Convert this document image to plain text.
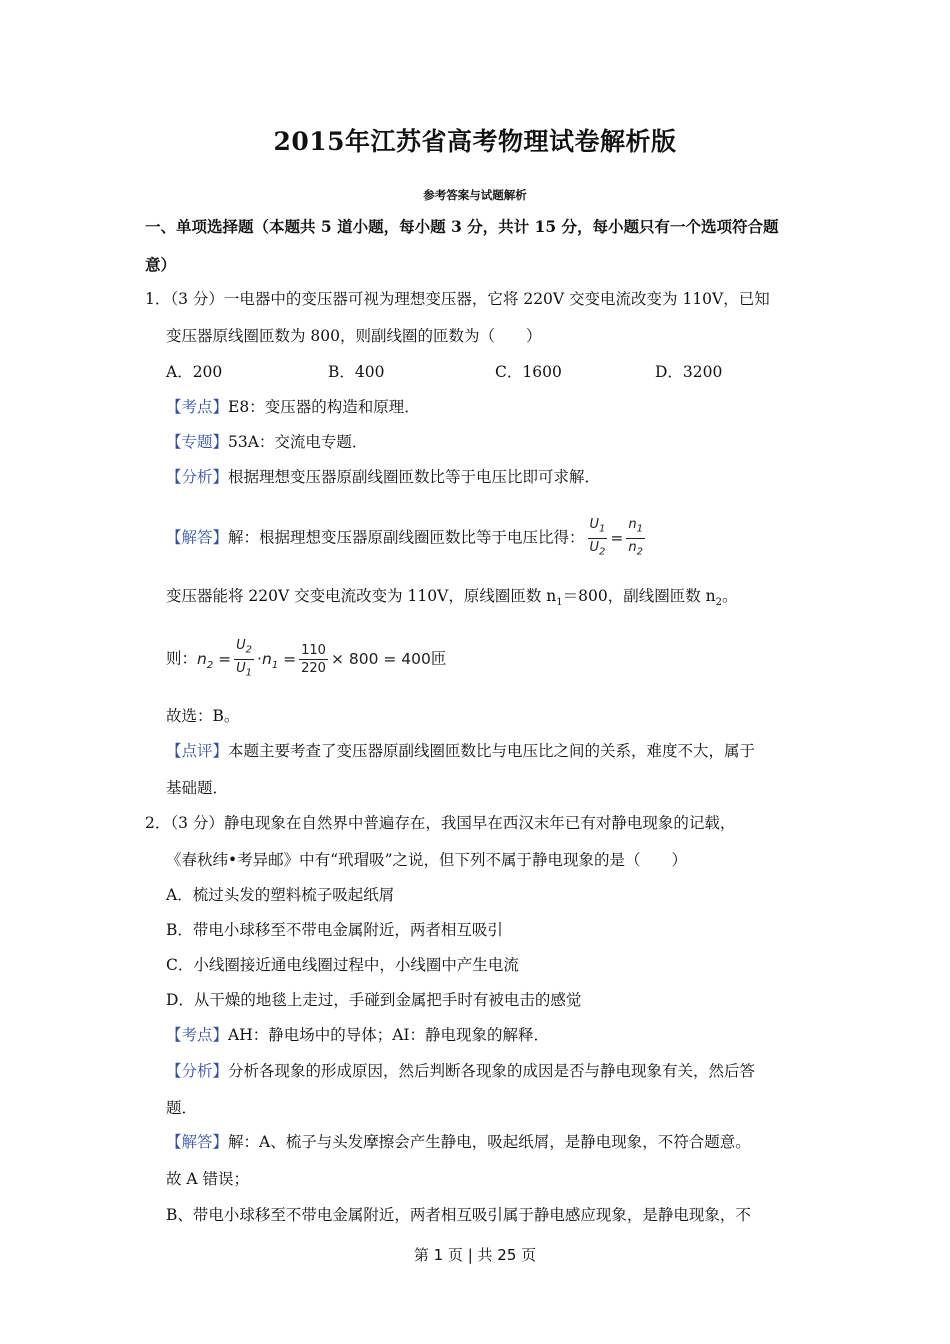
2015年江苏省高考物理试卷解析版
参考答案与试题解析
一、单项选择题（本题共 5 道小题，每小题 3 分，共计 15 分，每小题只有一个选项符合题
意）
1．（3 分）一电器中的变压器可视为理想变压器，它将 220V 交变电流改变为 110V，已知
变压器原线圈匝数为 800，则副线圈的匝数为（　　）
A．200	B．400	C．1600	D．3200
【考点】E8：变压器的构造和原理．
【专题】53A：交流电专题．
【分析】根据理想变压器原副线圈匝数比等于电压比即可求解．
【解答】解：根据理想变压器原副线圈匝数比等于电压比得： $\frac{U_1}{U_2} = \frac{n_1}{n_2}$
变压器能将 220V 交变电流改变为 110V，原线圈匝数 $n_1=800$，副线圈匝数 $n_2$。
则：$n_2 = \frac{U_2}{U_1} \cdot n_1 = \frac{110}{220} \times 800 = 400$匝
故选：B。
【点评】本题主要考查了变压器原副线圈匝数比与电压比之间的关系，难度不大，属于
基础题．
2．（3 分）静电现象在自然界中普遍存在，我国早在西汉末年已有对静电现象的记载，
《春秋纬•考异邮》中有“玳瑁吸”之说，但下列不属于静电现象的是（　　）
A．梳过头发的塑料梳子吸起纸屑
B．带电小球移至不带电金属附近，两者相互吸引
C．小线圈接近通电线圈过程中，小线圈中产生电流
D．从干燥的地毯上走过，手碰到金属把手时有被电击的感觉
【考点】AH：静电场中的导体；AI：静电现象的解释．
【分析】分析各现象的形成原因，然后判断各现象的成因是否与静电现象有关，然后答
题．
【解答】解：A、梳子与头发摩擦会产生静电，吸起纸屑，是静电现象，不符合题意。
故 A 错误；
B、带电小球移至不带电金属附近，两者相互吸引属于静电感应现象，是静电现象，不
第 1 页 | 共 25 页
